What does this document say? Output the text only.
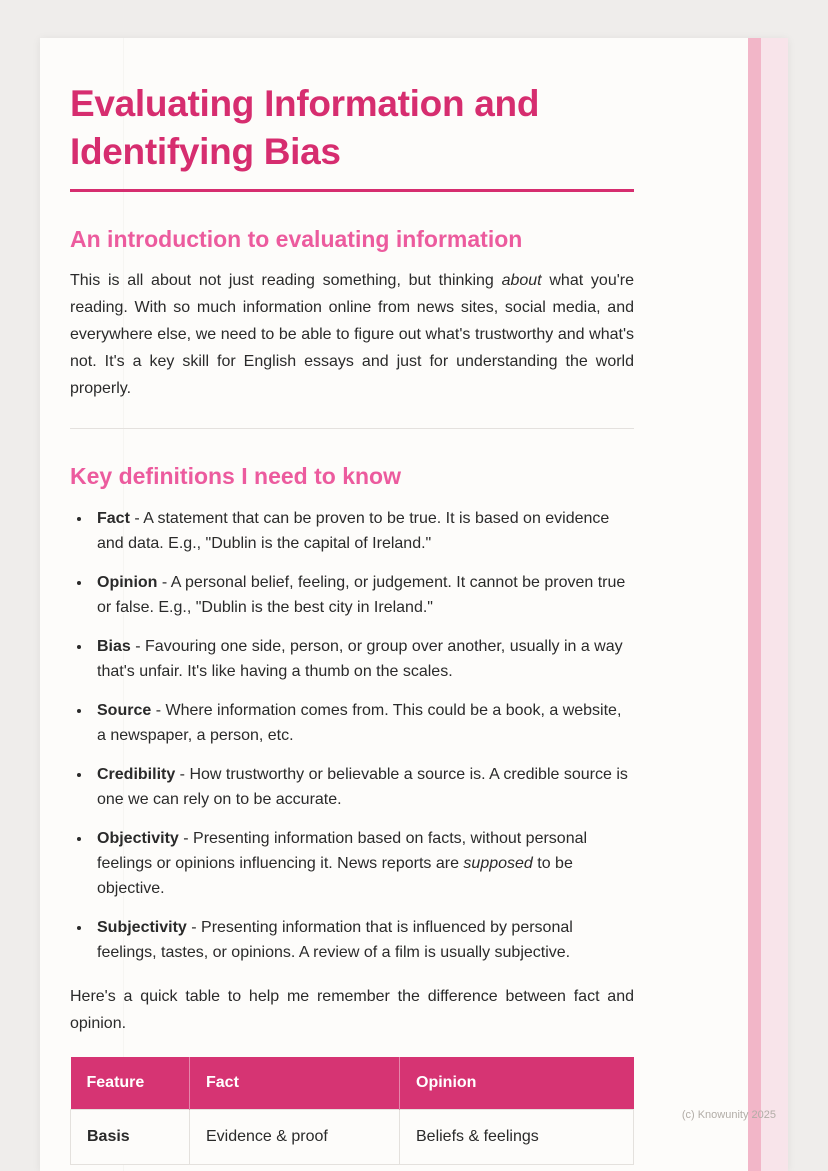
Evaluating Information and
Identifying Bias
An introduction to evaluating information

This is all about not just reading something, but thinking about what you're reading. With so much information online from news sites, social media, and everywhere else, we need to be able to figure out what's trustworthy and what's not. It's a key skill for English essays and just for understanding the world properly.

Key definitions I need to know
• Fact - A statement that can be proven to be true. It is based on evidence and data. E.g., "Dublin is the capital of Ireland."
• Opinion - A personal belief, feeling, or judgement. It cannot be proven true or false. E.g., "Dublin is the best city in Ireland."
• Bias - Favouring one side, person, or group over another, usually in a way that's unfair. It's like having a thumb on the scales.
• Source - Where information comes from. This could be a book, a website, a newspaper, a person, etc.
• Credibility - How trustworthy or believable a source is. A credible source is one we can rely on to be accurate.
• Objectivity - Presenting information based on facts, without personal feelings or opinions influencing it. News reports are supposed to be objective.
• Subjectivity - Presenting information that is influenced by personal feelings, tastes, or opinions. A review of a film is usually subjective.

Here's a quick table to help me remember the difference between fact and opinion.

Feature	Fact	Opinion
Basis	Evidence & proof	Beliefs & feelings
(c) Knowunity 2025
